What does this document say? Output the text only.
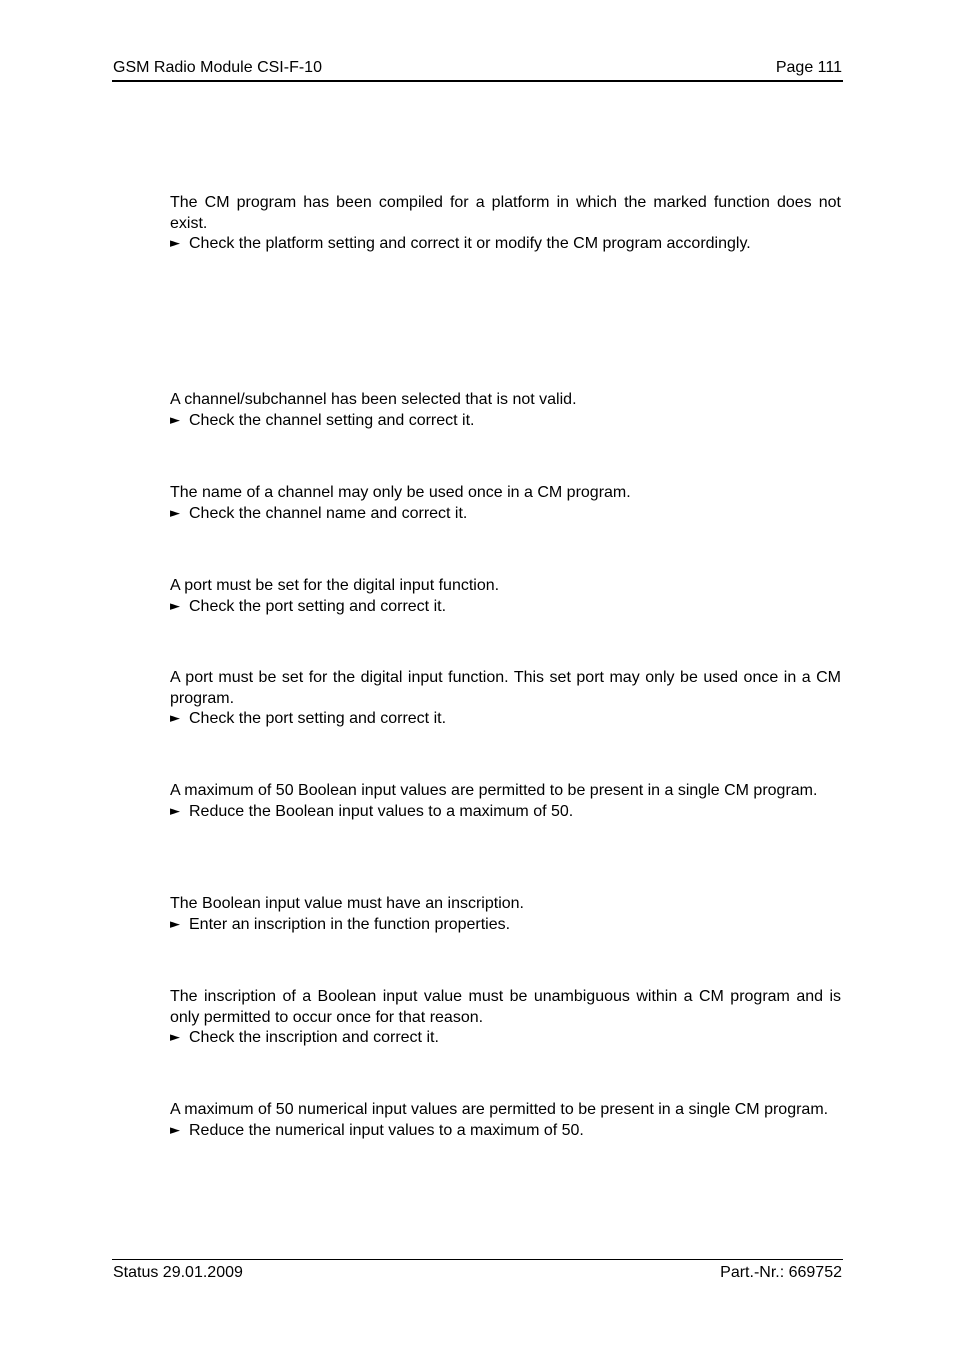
GSM Radio Module CSI-F-10	Page 111

The CM program has been compiled for a platform in which the marked function does not exist.

► Check the platform setting and correct it or modify the CM program accordingly.

A channel/subchannel has been selected that is not valid.

► Check the channel setting and correct it.

The name of a channel may only be used once in a CM program.

► Check the channel name and correct it.

A port must be set for the digital input function.

► Check the port setting and correct it.

A port must be set for the digital input function. This set port may only be used once in a CM program.

► Check the port setting and correct it.

A maximum of 50 Boolean input values are permitted to be present in a single CM program.

► Reduce the Boolean input values to a maximum of 50.

The Boolean input value must have an inscription.

► Enter an inscription in the function properties.

The inscription of a Boolean input value must be unambiguous within a CM program and is only permitted to occur once for that reason.

► Check the inscription and correct it.

A maximum of 50 numerical input values are permitted to be present in a single CM program.

► Reduce the numerical input values to a maximum of 50.

Status 29.01.2009	Part.-Nr.: 669752
